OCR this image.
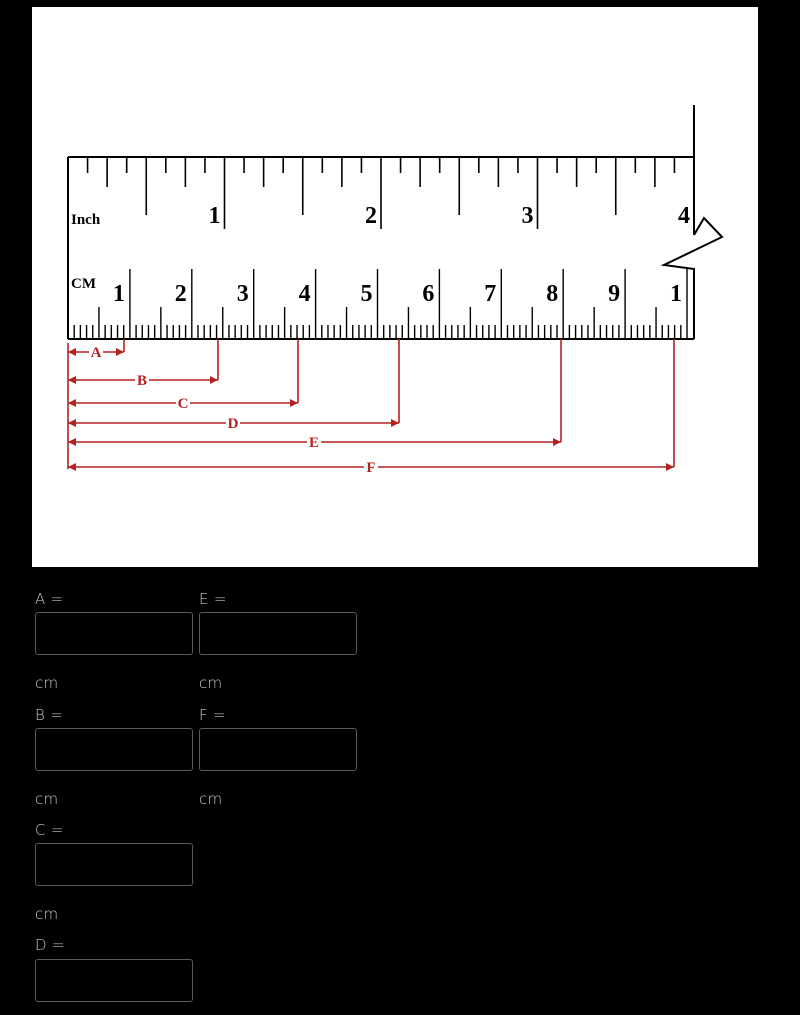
Inch
CM
1	2	3	4
1 2 3 4 5 6 7 8 9 1
A
B
C
D
E
F
A =
cm
B =
cm
C =
cm
D =
E =
cm
F =
cm
